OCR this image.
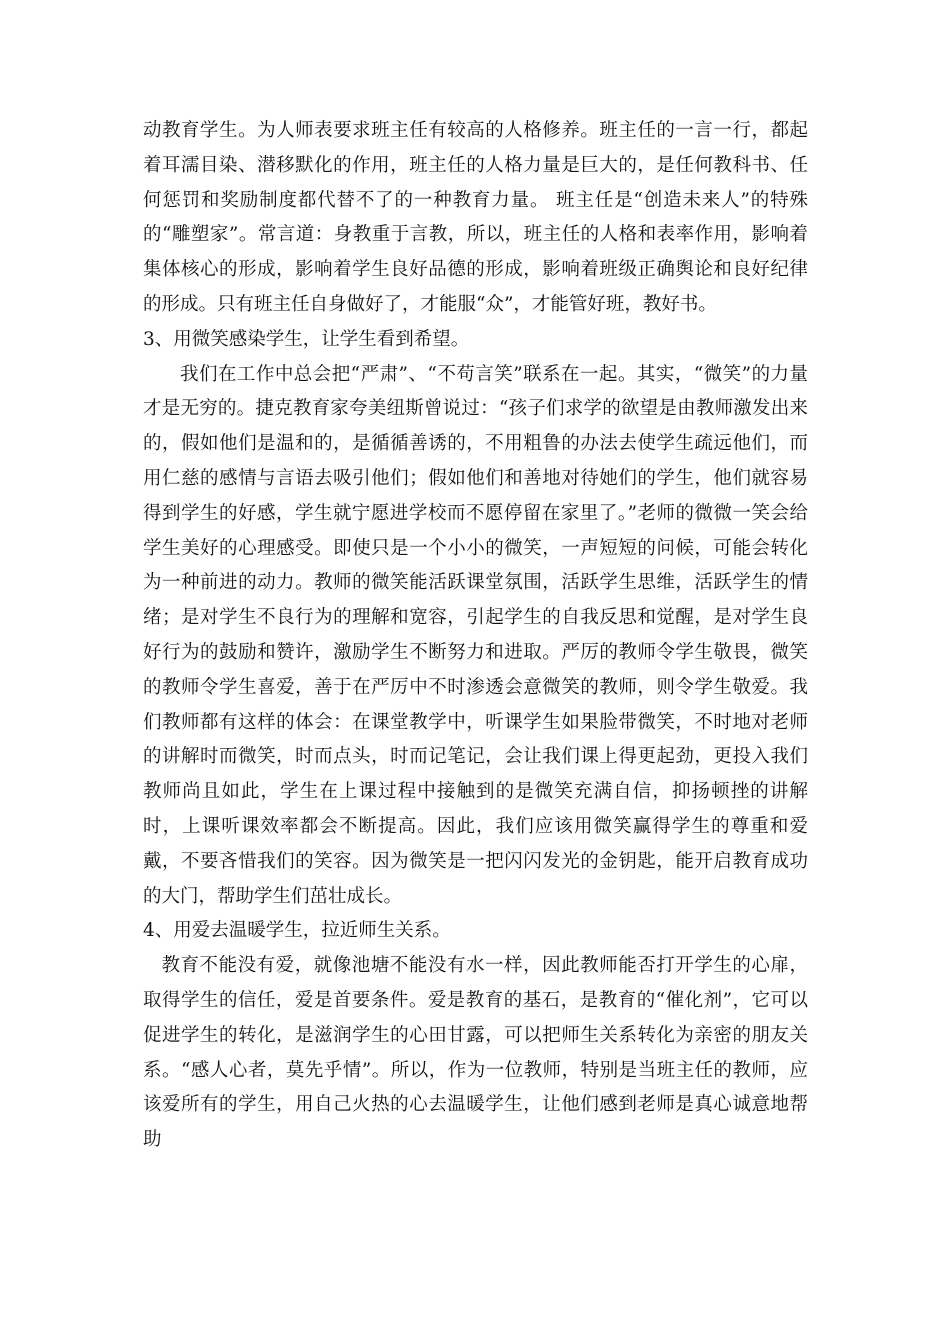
动教育学生。为人师表要求班主任有较高的人格修养。班主任的一言一行，都起着耳濡目染、潜移默化的作用，班主任的人格力量是巨大的，是任何教科书、任何惩罚和奖励制度都代替不了的一种教育力量。 班主任是“创造未来人”的特殊的“雕塑家”。常言道：身教重于言教，所以，班主任的人格和表率作用，影响着集体核心的形成，影响着学生良好品德的形成，影响着班级正确舆论和良好纪律的形成。只有班主任自身做好了，才能服“众”，才能管好班，教好书。

3、用微笑感染学生，让学生看到希望。

我们在工作中总会把“严肃”、“不苟言笑”联系在一起。其实，“微笑”的力量才是无穷的。捷克教育家夸美纽斯曾说过：“孩子们求学的欲望是由教师激发出来的，假如他们是温和的，是循循善诱的，不用粗鲁的办法去使学生疏远他们，而用仁慈的感情与言语去吸引他们；假如他们和善地对待她们的学生，他们就容易得到学生的好感，学生就宁愿进学校而不愿停留在家里了。”老师的微微一笑会给学生美好的心理感受。即使只是一个小小的微笑，一声短短的问候，可能会转化为一种前进的动力。教师的微笑能活跃课堂氛围，活跃学生思维，活跃学生的情绪；是对学生不良行为的理解和宽容，引起学生的自我反思和觉醒，是对学生良好行为的鼓励和赞许，激励学生不断努力和进取。严厉的教师令学生敬畏，微笑的教师令学生喜爱，善于在严厉中不时渗透会意微笑的教师，则令学生敬爱。我们教师都有这样的体会：在课堂教学中，听课学生如果脸带微笑，不时地对老师的讲解时而微笑，时而点头，时而记笔记，会让我们课上得更起劲，更投入我们教师尚且如此，学生在上课过程中接触到的是微笑充满自信，抑扬顿挫的讲解时，上课听课效率都会不断提高。因此，我们应该用微笑赢得学生的尊重和爱戴，不要吝惜我们的笑容。因为微笑是一把闪闪发光的金钥匙，能开启教育成功的大门，帮助学生们茁壮成长。

4、用爱去温暖学生，拉近师生关系。

教育不能没有爱，就像池塘不能没有水一样，因此教师能否打开学生的心扉，取得学生的信任，爱是首要条件。爱是教育的基石，是教育的“催化剂”，它可以促进学生的转化，是滋润学生的心田甘露，可以把师生关系转化为亲密的朋友关系。“感人心者，莫先乎情”。所以，作为一位教师，特别是当班主任的教师，应该爱所有的学生，用自己火热的心去温暖学生，让他们感到老师是真心诚意地帮助
